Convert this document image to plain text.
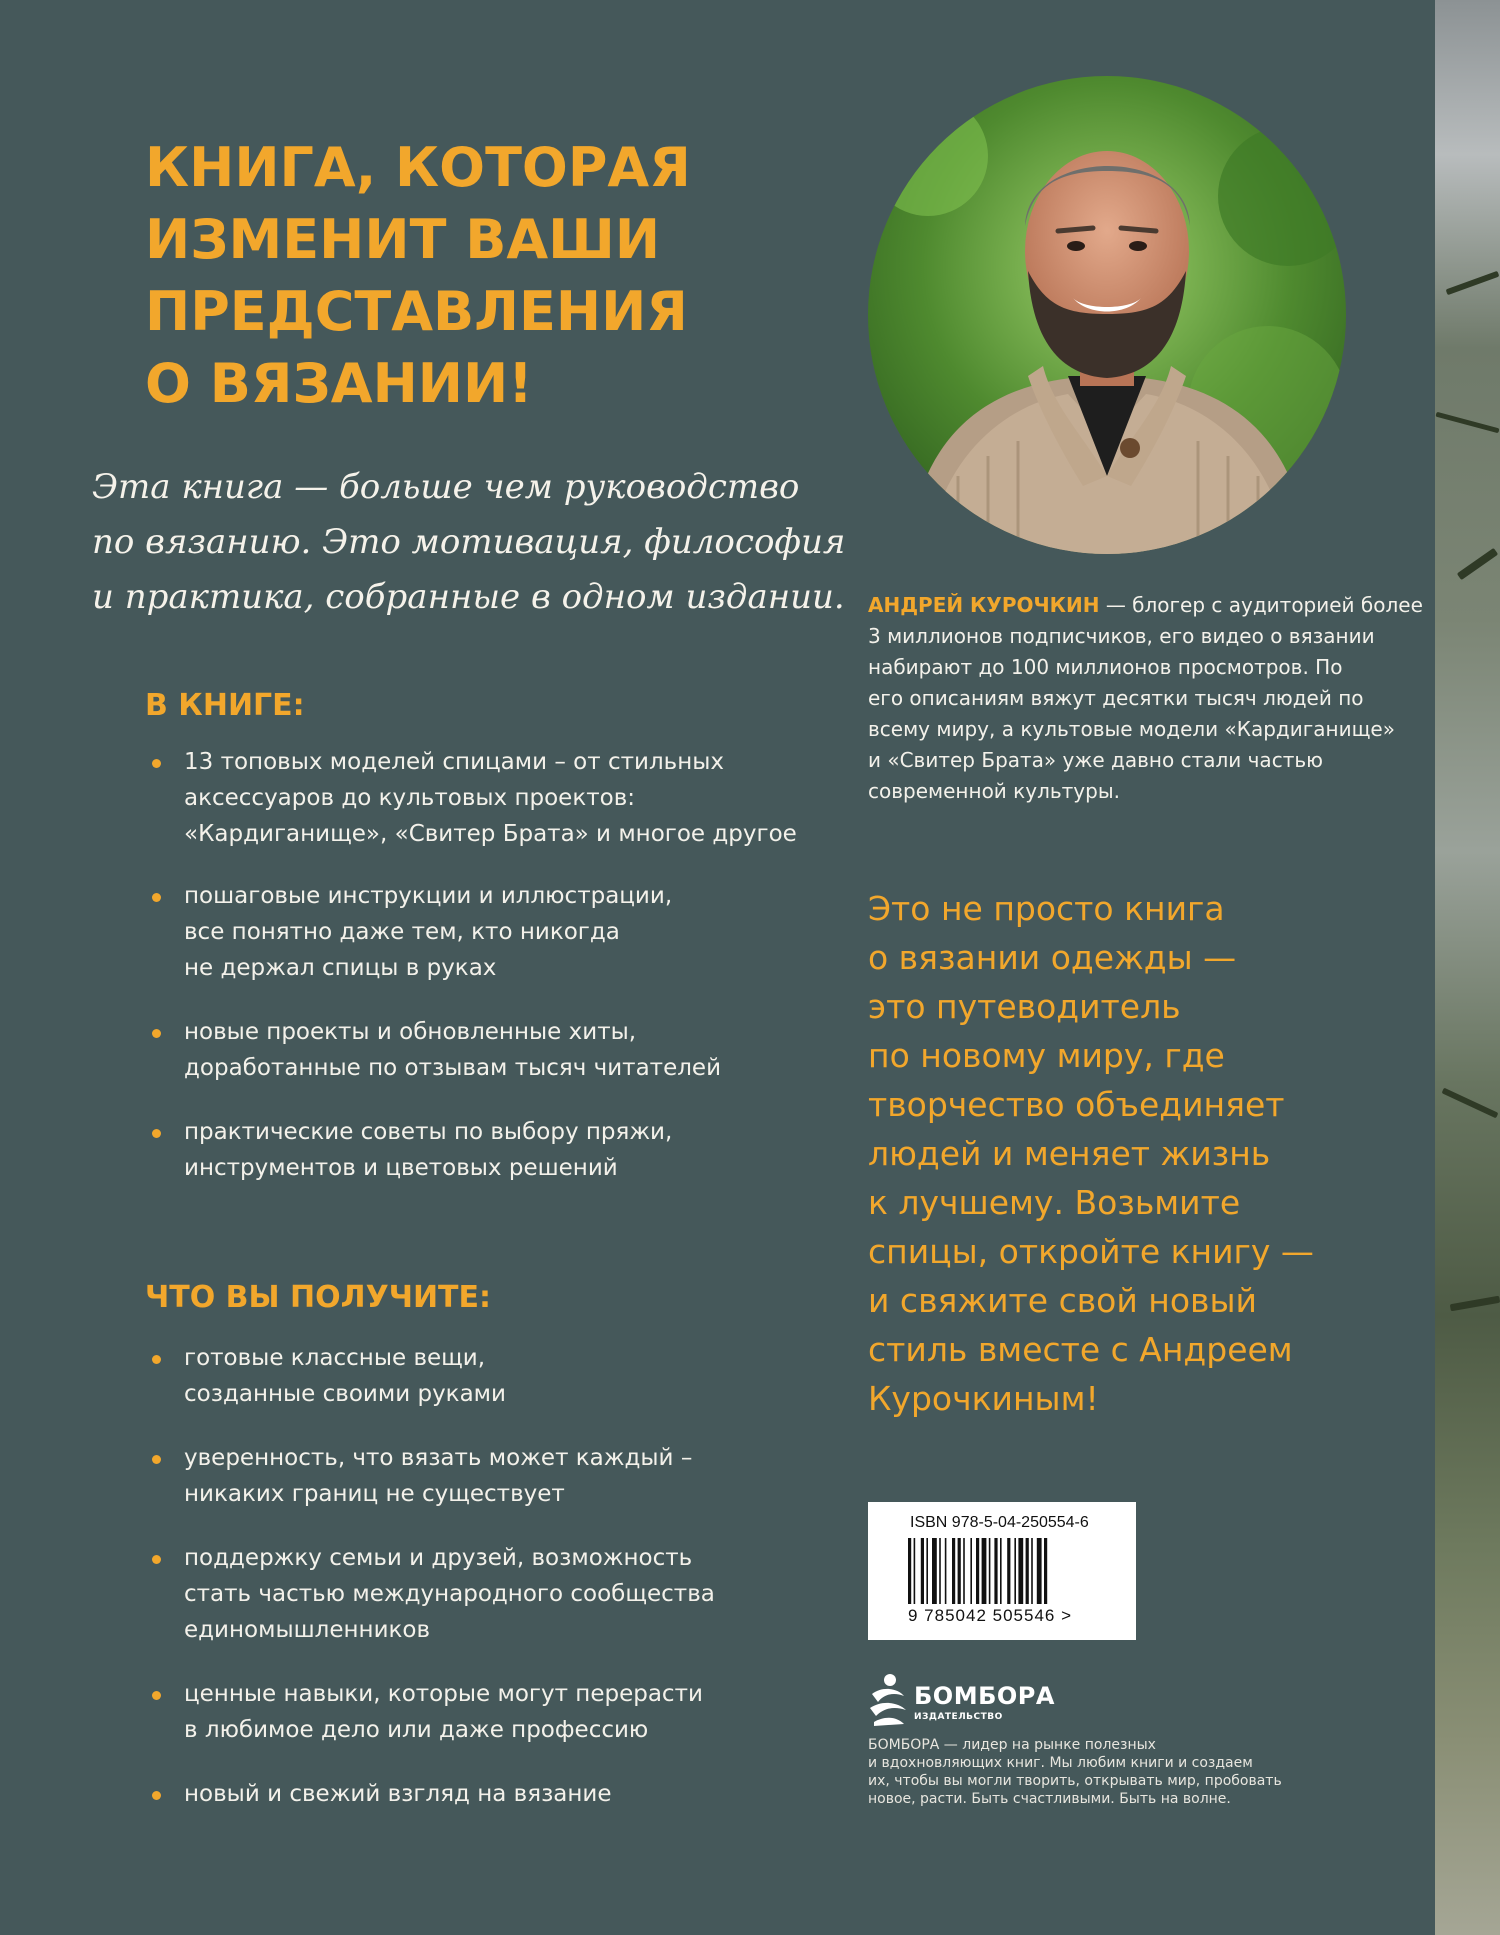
КНИГА, КОТОРАЯ
ИЗМЕНИТ ВАШИ
ПРЕДСТАВЛЕНИЯ
О ВЯЗАНИИ!
Эта книга — больше чем руководство
по вязанию. Это мотивация, философия
и практика, собранные в одном издании.
В КНИГЕ:
13 топовых моделей спицами – от стильных
аксессуаров до культовых проектов:
«Кардиганище», «Свитер Брата» и многое другое
пошаговые инструкции и иллюстрации,
все понятно даже тем, кто никогда
не держал спицы в руках
новые проекты и обновленные хиты,
доработанные по отзывам тысяч читателей
практические советы по выбору пряжи,
инструментов и цветовых решений
ЧТО ВЫ ПОЛУЧИТЕ:
готовые классные вещи,
созданные своими руками
уверенность, что вязать может каждый –
никаких границ не существует
поддержку семьи и друзей, возможность
стать частью международного сообщества
единомышленников
ценные навыки, которые могут перерасти
в любимое дело или даже профессию
новый и свежий взгляд на вязание
АНДРЕЙ КУРОЧКИН — блогер с аудиторией более
3 миллионов подписчиков, его видео о вязании
набирают до 100 миллионов просмотров. По
его описаниям вяжут десятки тысяч людей по
всему миру, а культовые модели «Кардиганище»
и «Свитер Брата» уже давно стали частью
современной культуры.
Это не просто книга
о вязании одежды —
это путеводитель
по новому миру, где
творчество объединяет
людей и меняет жизнь
к лучшему. Возьмите
спицы, откройте книгу —
и свяжите свой новый
стиль вместе с Андреем
Курочкиным!
ISBN 978-5-04-250554-6
9 785042 505546 >
БОМБОРА
ИЗДАТЕЛЬСТВО
БОМБОРА — лидер на рынке полезных
и вдохновляющих книг. Мы любим книги и создаем
их, чтобы вы могли творить, открывать мир, пробовать
новое, расти. Быть счастливыми. Быть на волне.
